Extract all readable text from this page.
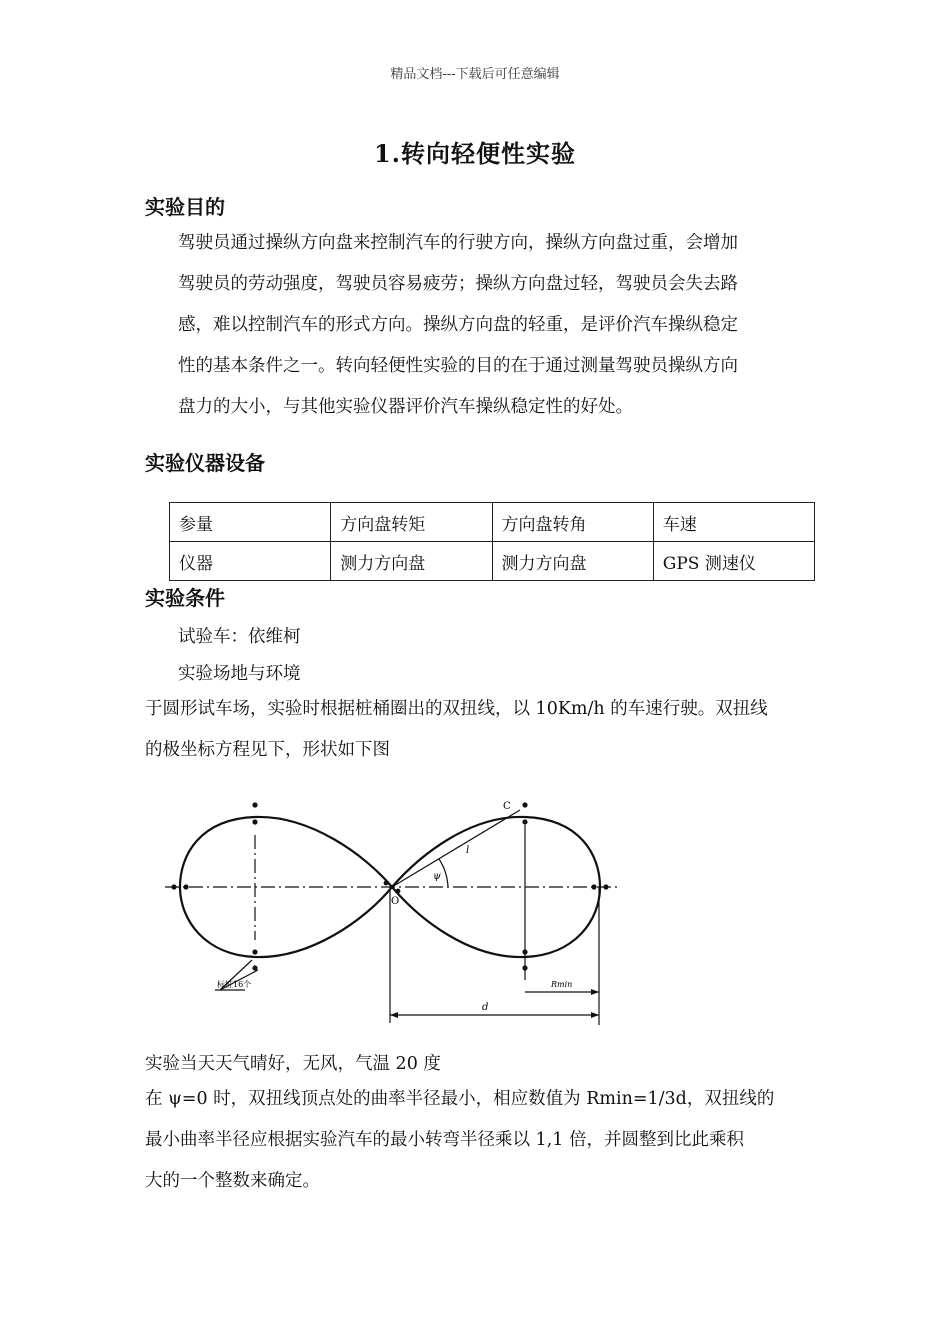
精品文档---下载后可任意编辑
1.转向轻便性实验
实验目的
驾驶员通过操纵方向盘来控制汽车的行驶方向，操纵方向盘过重，会增加
驾驶员的劳动强度，驾驶员容易疲劳；操纵方向盘过轻，驾驶员会失去路
感，难以控制汽车的形式方向。操纵方向盘的轻重，是评价汽车操纵稳定
性的基本条件之一。转向轻便性实验的目的在于通过测量驾驶员操纵方向
盘力的大小，与其他实验仪器评价汽车操纵稳定性的好处。
实验仪器设备
参量	方向盘转矩	方向盘转角	车速
仪器	测力方向盘	测力方向盘	GPS 测速仪
实验条件
试验车：依维柯
实验场地与环境
于圆形试车场，实验时根据桩桶圈出的双扭线，以 10Km/h 的车速行驶。双扭线
的极坐标方程见下，形状如下图
C
l
ψ
O
d
Rmin
标桩16个
实验当天天气晴好，无风，气温 20 度
在 ψ=0 时，双扭线顶点处的曲率半径最小，相应数值为 Rmin=1/3d，双扭线的
最小曲率半径应根据实验汽车的最小转弯半径乘以 1,1 倍，并圆整到比此乘积
大的一个整数来确定。
